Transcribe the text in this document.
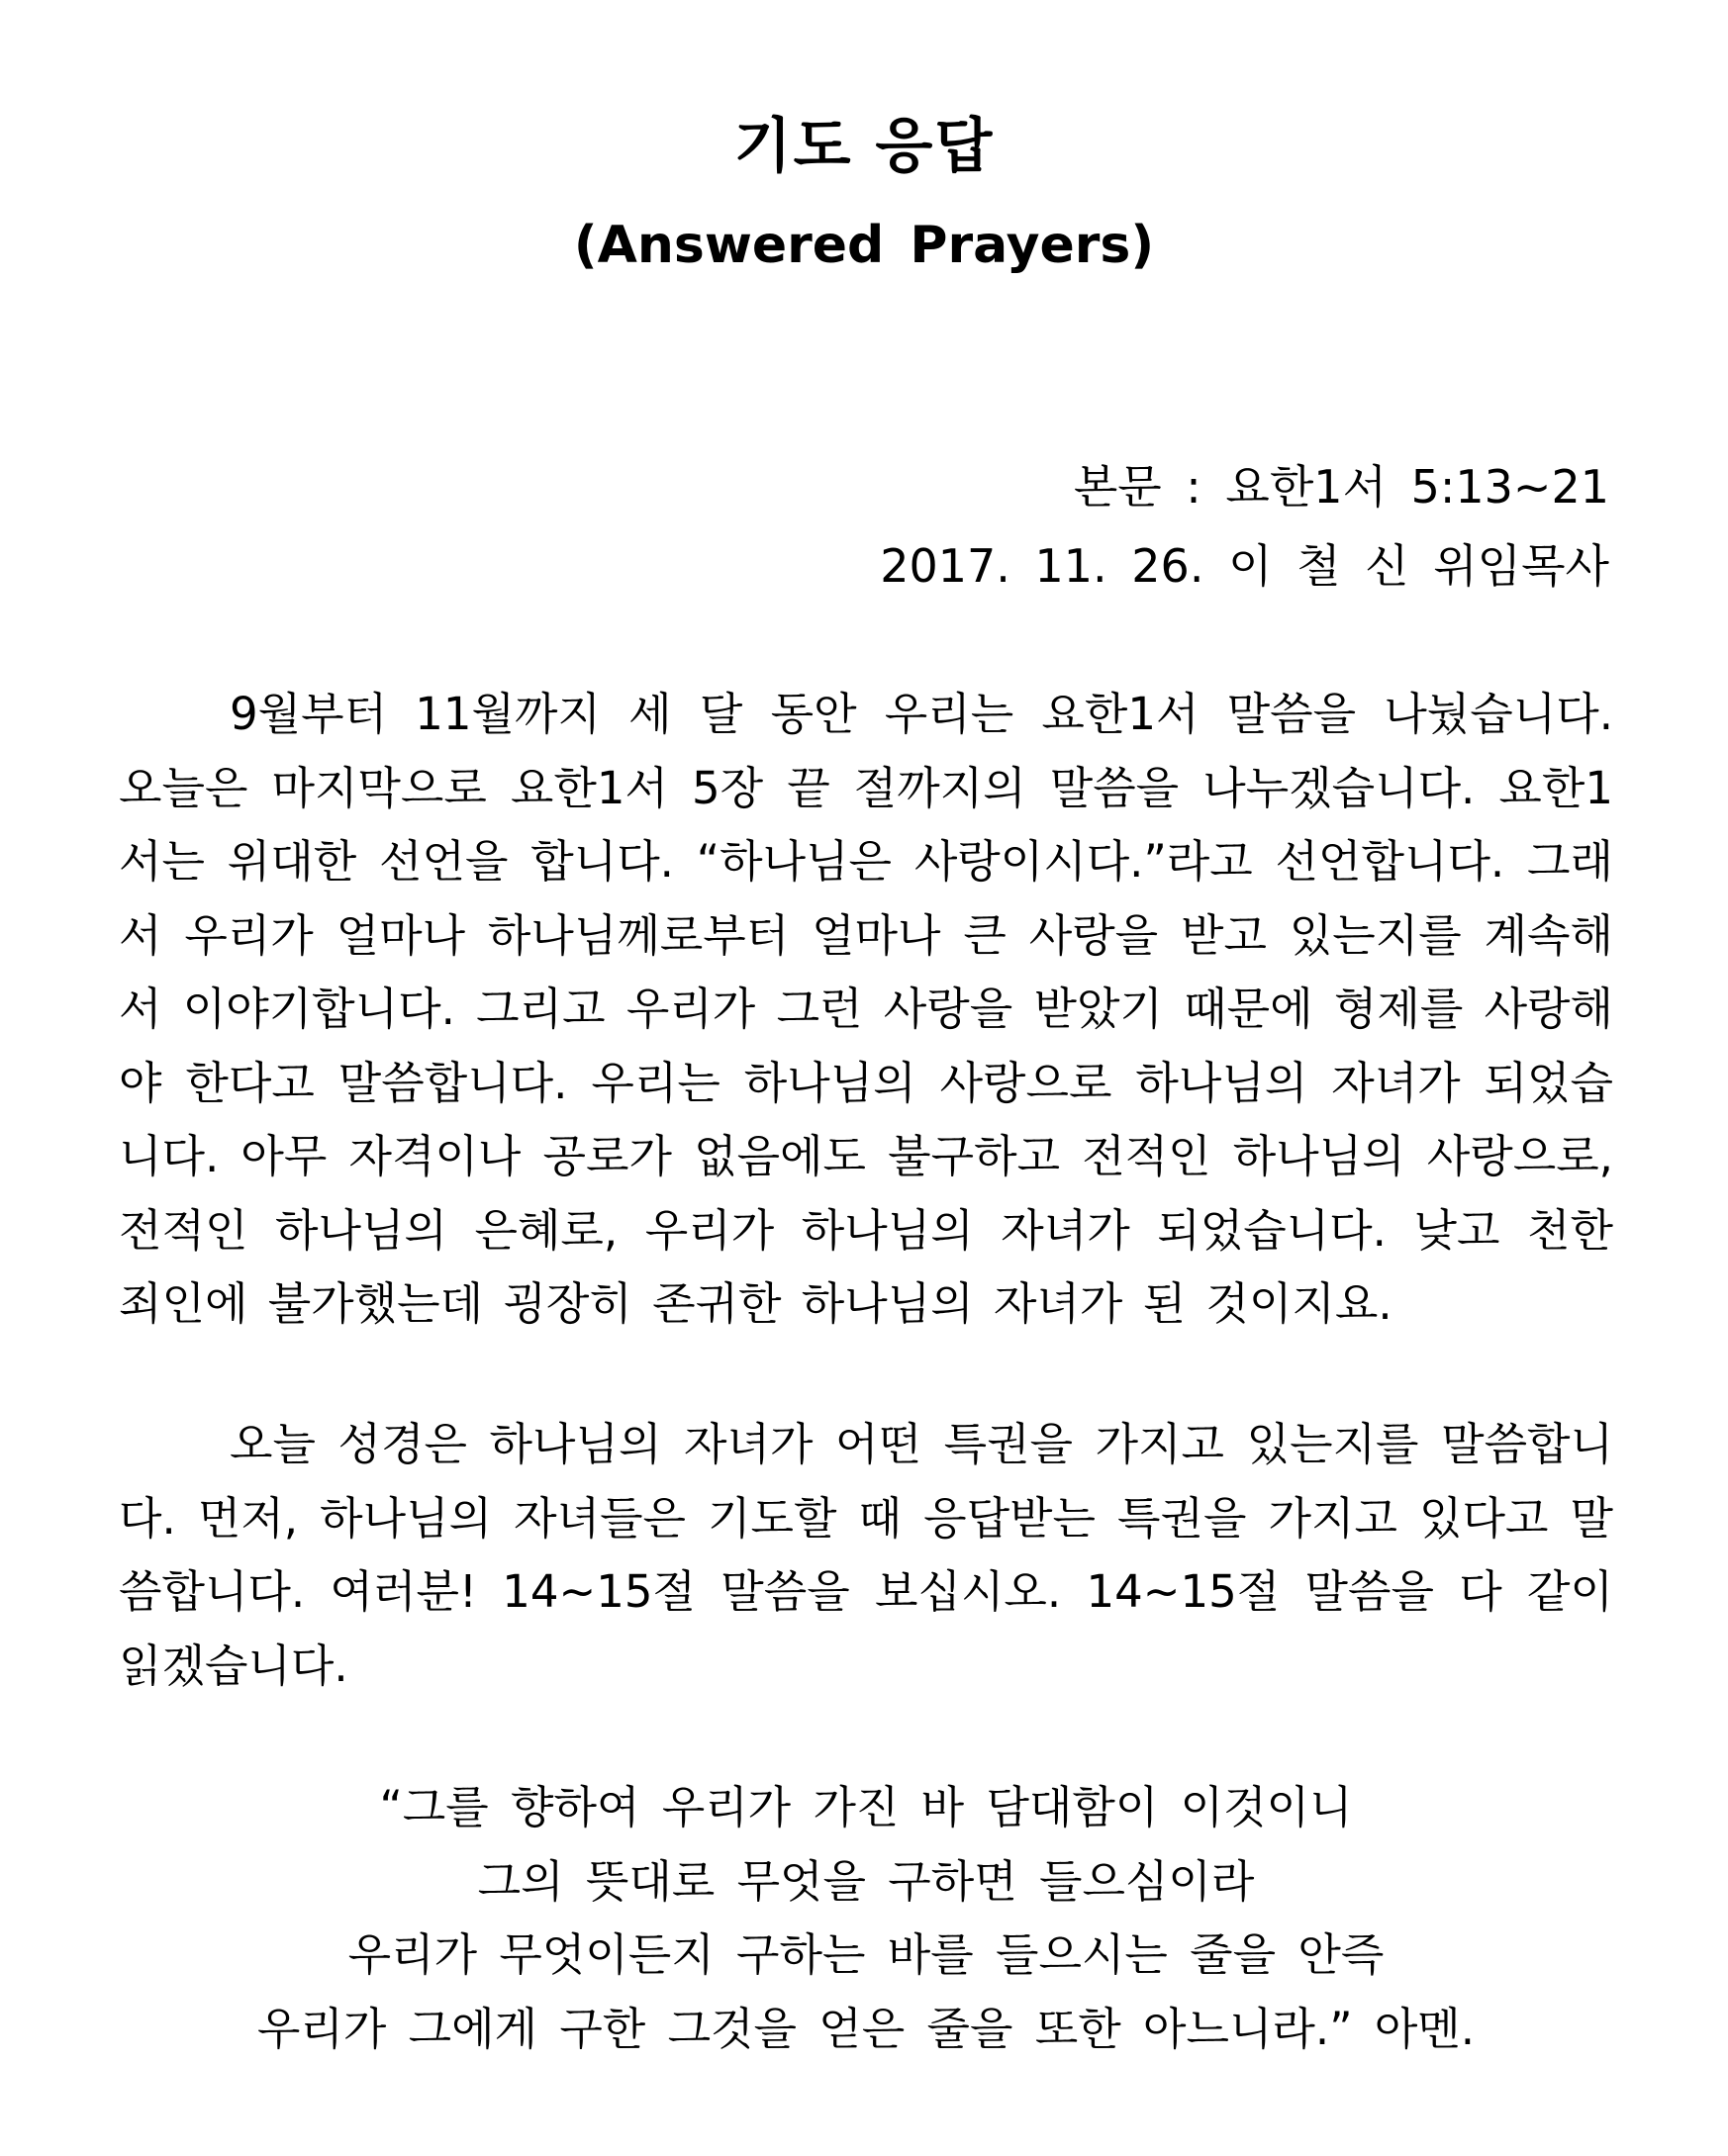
기도 응답
(Answered Prayers)
본문 : 요한1서 5:13~21
2017. 11. 26. 이 철 신 위임목사
9월부터 11월까지 세 달 동안 우리는 요한1서 말씀을 나눴습니다. 오늘은 마지막으로 요한1서 5장 끝 절까지의 말씀을 나누겠습니다. 요한1서는 위대한 선언을 합니다. “하나님은 사랑이시다.”라고 선언합니다. 그래서 우리가 얼마나 하나님께로부터 얼마나 큰 사랑을 받고 있는지를 계속해서 이야기합니다. 그리고 우리가 그런 사랑을 받았기 때문에 형제를 사랑해야 한다고 말씀합니다. 우리는 하나님의 사랑으로 하나님의 자녀가 되었습니다. 아무 자격이나 공로가 없음에도 불구하고 전적인 하나님의 사랑으로, 전적인 하나님의 은혜로, 우리가 하나님의 자녀가 되었습니다. 낮고 천한 죄인에 불가했는데 굉장히 존귀한 하나님의 자녀가 된 것이지요.
오늘 성경은 하나님의 자녀가 어떤 특권을 가지고 있는지를 말씀합니다. 먼저, 하나님의 자녀들은 기도할 때 응답받는 특권을 가지고 있다고 말씀합니다. 여러분! 14~15절 말씀을 보십시오. 14~15절 말씀을 다 같이 읽겠습니다.
“그를 향하여 우리가 가진 바 담대함이 이것이니
그의 뜻대로 무엇을 구하면 들으심이라
우리가 무엇이든지 구하는 바를 들으시는 줄을 안즉
우리가 그에게 구한 그것을 얻은 줄을 또한 아느니라.” 아멘.
